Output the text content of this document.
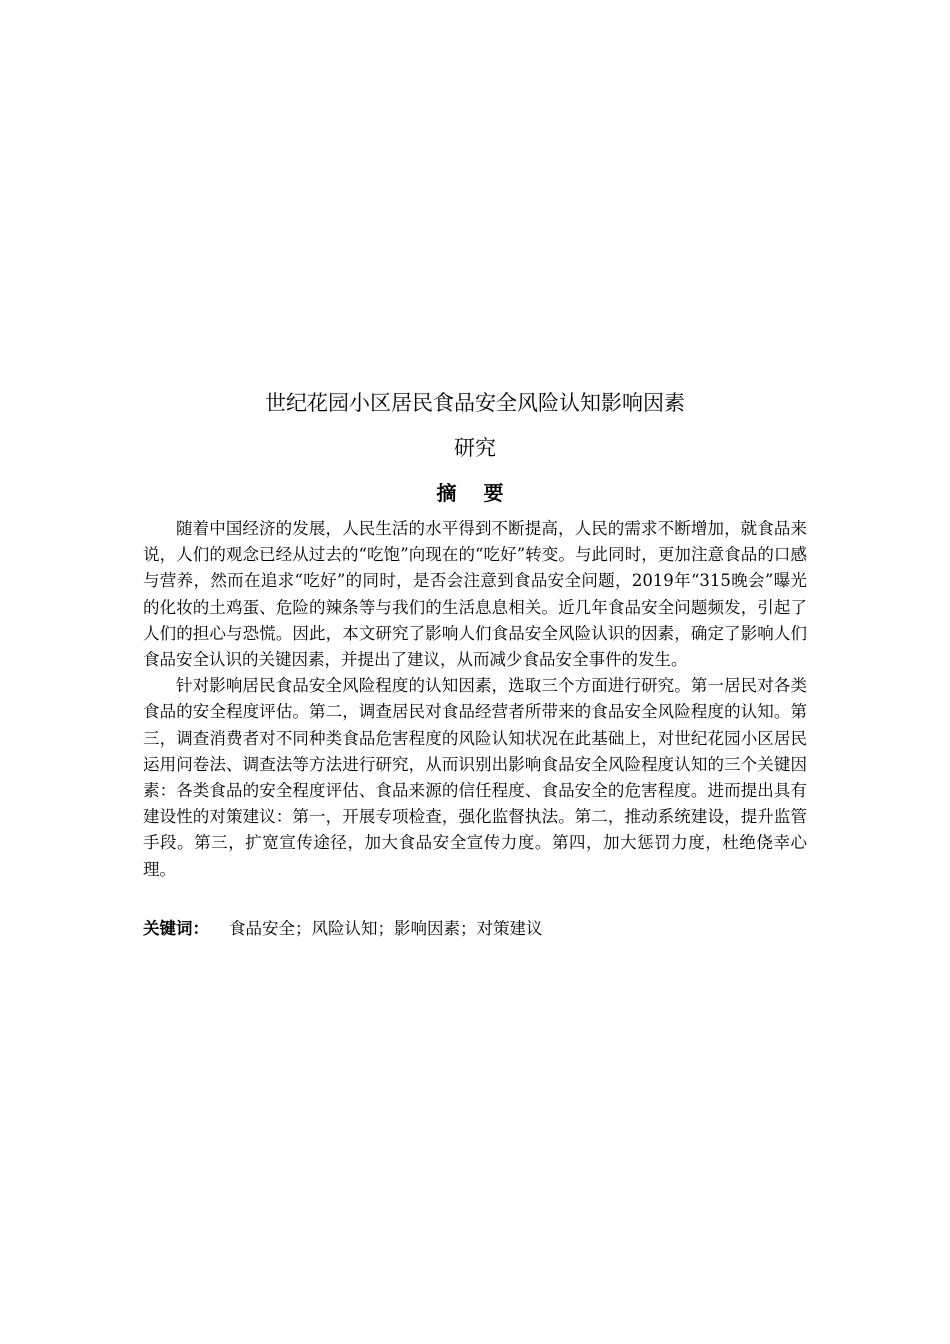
世纪花园小区居民食品安全风险认知影响因素
研究
摘 要

随着中国经济的发展，人民生活的水平得到不断提高，人民的需求不断增加，就食品来说，人们的观念已经从过去的“吃饱”向现在的“吃好”转变。与此同时，更加注意食品的口感与营养，然而在追求“吃好”的同时，是否会注意到食品安全问题，2019年“315晚会”曝光的化妆的土鸡蛋、危险的辣条等与我们的生活息息相关。近几年食品安全问题频发，引起了人们的担心与恐慌。因此，本文研究了影响人们食品安全风险认识的因素，确定了影响人们食品安全认识的关键因素，并提出了建议，从而减少食品安全事件的发生。

针对影响居民食品安全风险程度的认知因素，选取三个方面进行研究。第一居民对各类食品的安全程度评估。第二，调查居民对食品经营者所带来的食品安全风险程度的认知。第三，调查消费者对不同种类食品危害程度的风险认知状况在此基础上，对世纪花园小区居民运用问卷法、调查法等方法进行研究，从而识别出影响食品安全风险程度认知的三个关键因素：各类食品的安全程度评估、食品来源的信任程度、食品安全的危害程度。进而提出具有建设性的对策建议：第一，开展专项检查，强化监督执法。第二，推动系统建设，提升监管手段。第三，扩宽宣传途径，加大食品安全宣传力度。第四，加大惩罚力度，杜绝侥幸心理。

关键词： 食品安全；风险认知；影响因素；对策建议
